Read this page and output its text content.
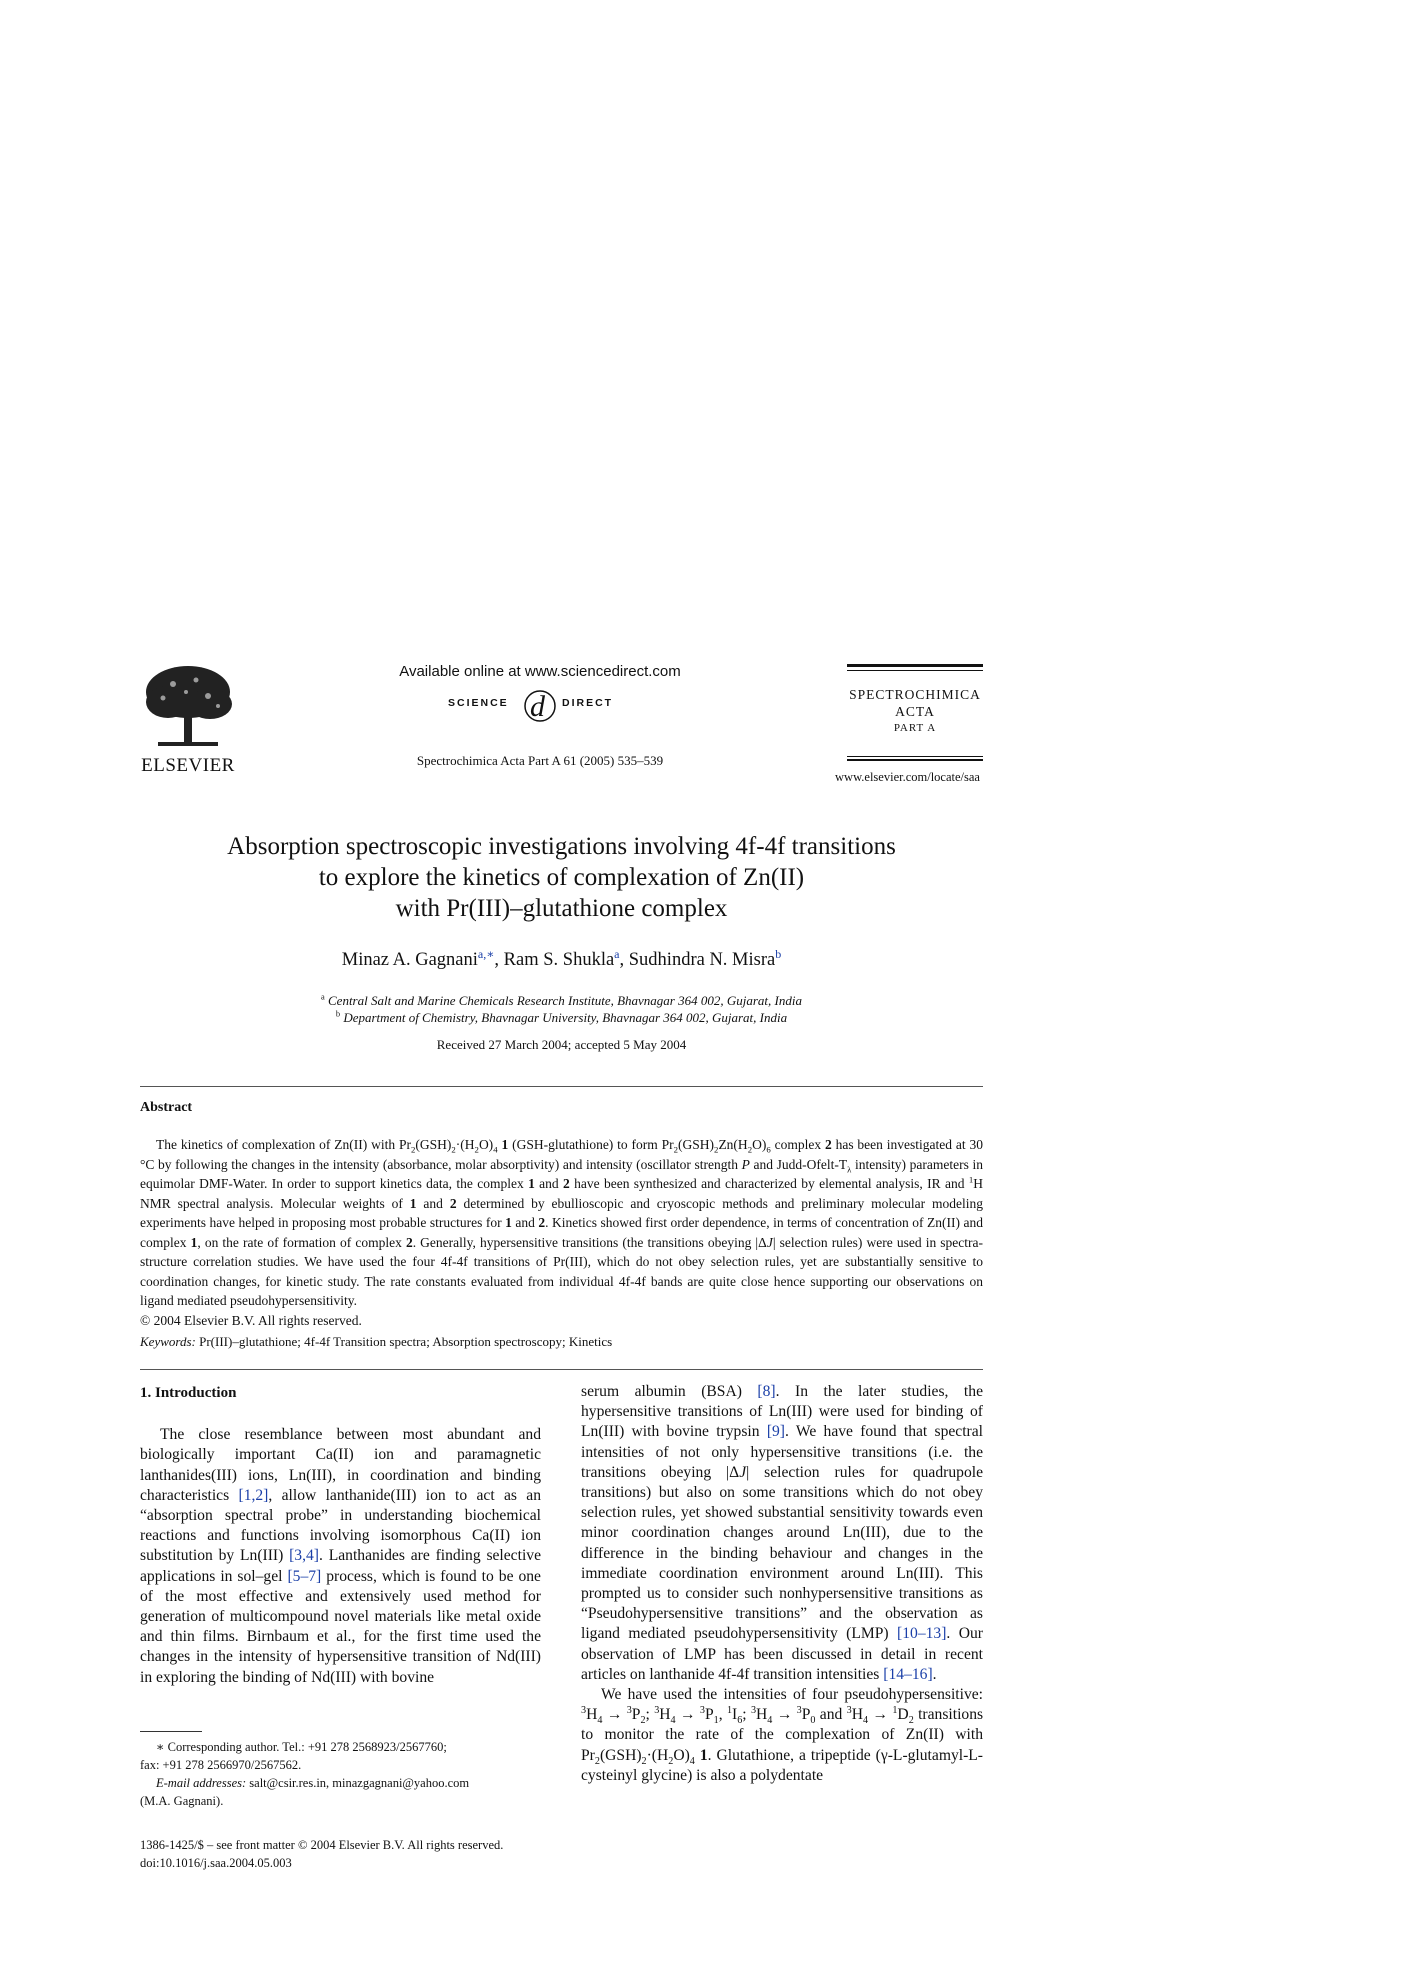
ELSEVIER
Available online at www.sciencedirect.com
SCIENCE d DIRECT
Spectrochimica Acta Part A 61 (2005) 535–539
SPECTROCHIMICA
ACTA
PART A
www.elsevier.com/locate/saa
Absorption spectroscopic investigations involving 4f-4f transitions
to explore the kinetics of complexation of Zn(II)
with Pr(III)–glutathione complex
Minaz A. Gagnani$^{a,∗}$, Ram S. Shukla$^a$, Sudhindra N. Misra$^b$
$^a$ Central Salt and Marine Chemicals Research Institute, Bhavnagar 364 002, Gujarat, India
$^b$ Department of Chemistry, Bhavnagar University, Bhavnagar 364 002, Gujarat, India
Received 27 March 2004; accepted 5 May 2004
Abstract
The kinetics of complexation of Zn(II) with $Pr_2(GSH)_2\cdot(H_2O)_4$ 1 (GSH-glutathione) to form $Pr_2(GSH)_2Zn(H_2O)_6$ complex 2 has been investigated at 30 °C by following the changes in the intensity (absorbance, molar absorptivity) and intensity (oscillator strength P and Judd-$Ofelt-T_\lambda$ intensity) parameters in equimolar DMF-Water. In order to support kinetics data, the complex 1 and 2 have been synthesized and characterized by elemental analysis, IR and $^1$H NMR spectral analysis. Molecular weights of 1 and 2 determined by ebullioscopic and cryoscopic methods and preliminary molecular modeling experiments have helped in proposing most probable structures for 1 and 2. Kinetics showed first order dependence, in terms of concentration of Zn(II) and complex 1, on the rate of formation of complex 2. Generally, hypersensitive transitions (the transitions obeying |ΔJ| selection rules) were used in spectra-structure correlation studies. We have used the four 4f-4f transitions of Pr(III), which do not obey selection rules, yet are substantially sensitive to coordination changes, for kinetic study. The rate constants evaluated from individual 4f-4f bands are quite close hence supporting our observations on ligand mediated pseudohypersensitivity.
© 2004 Elsevier B.V. All rights reserved.
Keywords: Pr(III)–glutathione; 4f-4f Transition spectra; Absorption spectroscopy; Kinetics
1. Introduction

The close resemblance between most abundant and biologically important Ca(II) ion and paramagnetic lanthanides(III) ions, Ln(III), in coordination and binding characteristics [1,2], allow lanthanide(III) ion to act as an “absorption spectral probe” in understanding biochemical reactions and functions involving isomorphous Ca(II) ion substitution by Ln(III) [3,4]. Lanthanides are finding selective applications in sol–gel [5–7] process, which is found to be one of the most effective and extensively used method for generation of multicompound novel materials like metal oxide and thin films. Birnbaum et al., for the first time used the changes in the intensity of hypersensitive transition of Nd(III) in exploring the binding of Nd(III) with bovine

∗ Corresponding author. Tel.: +91 278 2568923/2567760;
fax: +91 278 2566970/2567562.
E-mail addresses: salt@csir.res.in, minazgagnani@yahoo.com
(M.A. Gagnani).
1386-1425/$ – see front matter © 2004 Elsevier B.V. All rights reserved.
doi:10.1016/j.saa.2004.05.003

serum albumin (BSA) [8]. In the later studies, the hypersensitive transitions of Ln(III) were used for binding of Ln(III) with bovine trypsin [9]. We have found that spectral intensities of not only hypersensitive transitions (i.e. the transitions obeying |ΔJ| selection rules for quadrupole transitions) but also on some transitions which do not obey selection rules, yet showed substantial sensitivity towards even minor coordination changes around Ln(III), due to the difference in the binding behaviour and changes in the immediate coordination environment around Ln(III). This prompted us to consider such nonhypersensitive transitions as “Pseudohypersensitive transitions” and the observation as ligand mediated pseudohypersensitivity (LMP) [10–13]. Our observation of LMP has been discussed in detail in recent articles on lanthanide 4f-4f transition intensities [14–16].

We have used the intensities of four pseudohypersensitive: $^3H_4 \to ^3P_2$; $^3H_4 \to ^3P_1$, $^1I_6$; $^3H_4 \to ^3P_0$ and $^3H_4 \to ^1D_2$ transitions to monitor the rate of the complexation of Zn(II) with $Pr_2(GSH)_2\cdot(H_2O)_4$ 1. Glutathione, a tripeptide (γ-L-glutamyl-L-cysteinyl glycine) is also a polydentate
